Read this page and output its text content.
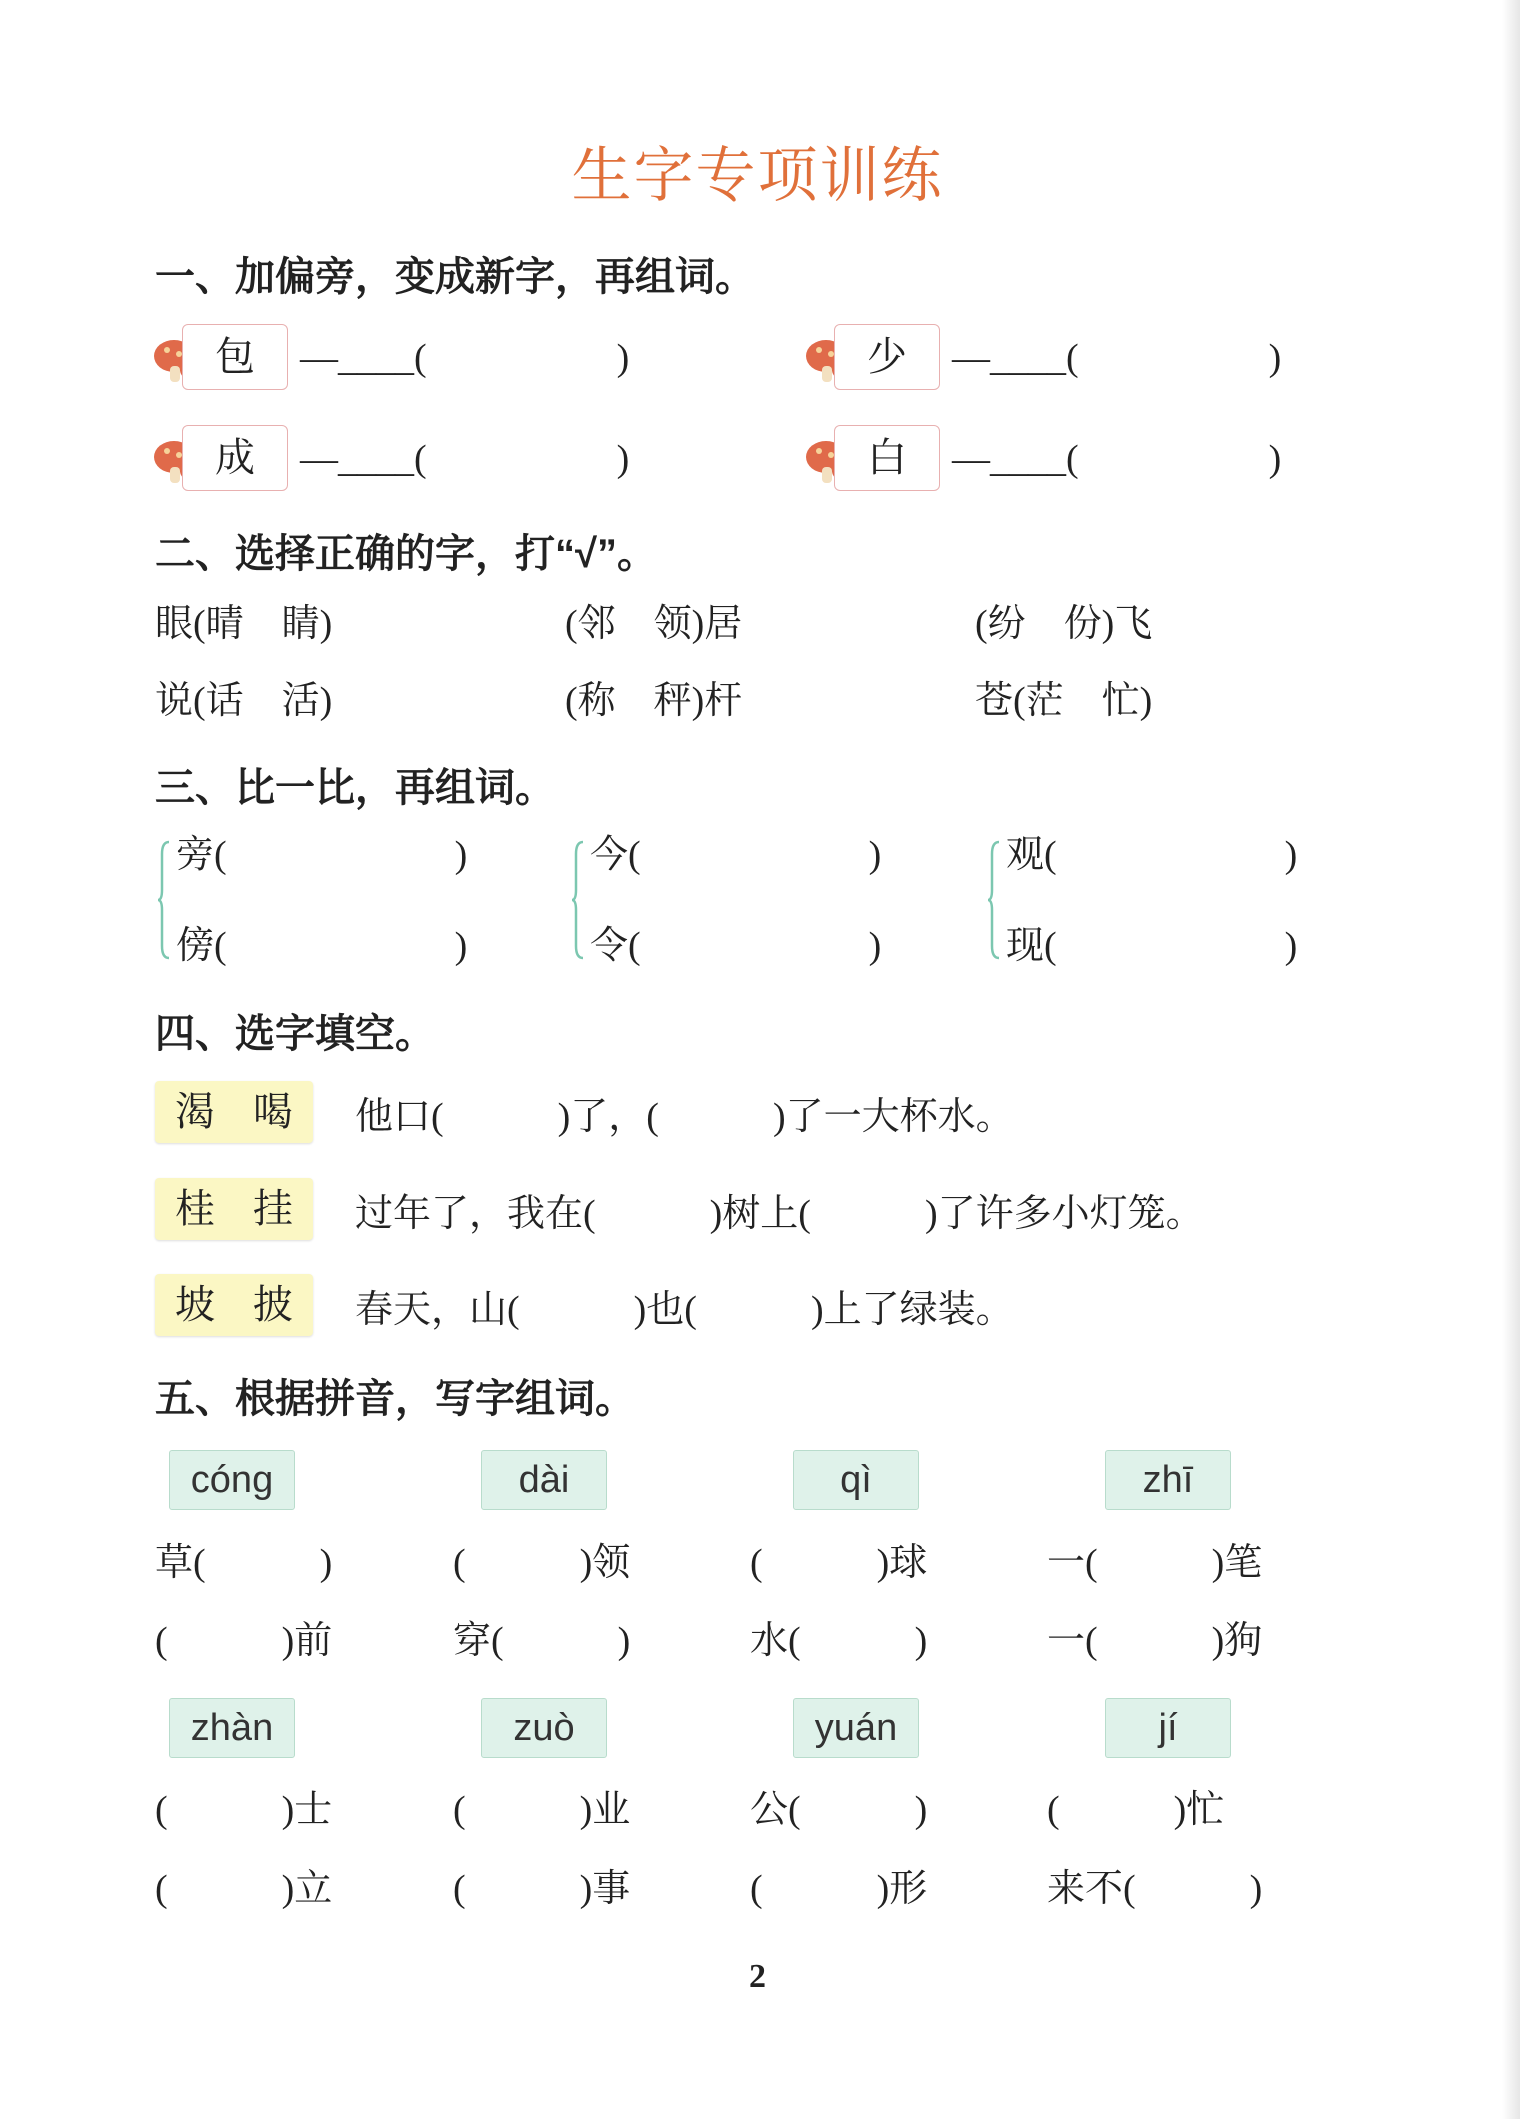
生字专项训练
一、加偏旁，变成新字，再组词。
包	—____(　　　　　)	少	—____(　　　　　)
成	—____(　　　　　)	白	—____(　　　　　)
二、选择正确的字，打“√”。
眼(晴　睛)	(邻　领)居	(纷　份)飞
说(话　活)	(称　秤)杆	苍(茫　忙)
三、比一比，再组词。
旁(　　　　　　)
傍(　　　　　　)
今(　　　　　　)
令(　　　　　　)
观(　　　　　　)
现(　　　　　　)
四、选字填空。
渴 喝	他口(　　　)了，(　　　)了一大杯水。
桂 挂	过年了，我在(　　　)树上(　　　)了许多小灯笼。
坡 披	春天，山(　　　)也(　　　)上了绿装。
五、根据拼音，写字组词。
cóng	dài	qì	zhī
草(　　　)	(　　　)领	(　　　)球	一(　　　)笔
(　　　)前	穿(　　　)	水(　　　)	一(　　　)狗
zhàn	zuò	yuán	jí
(　　　)士	(　　　)业	公(　　　)	(　　　)忙
(　　　)立	(　　　)事	(　　　)形	来不(　　　)
2
